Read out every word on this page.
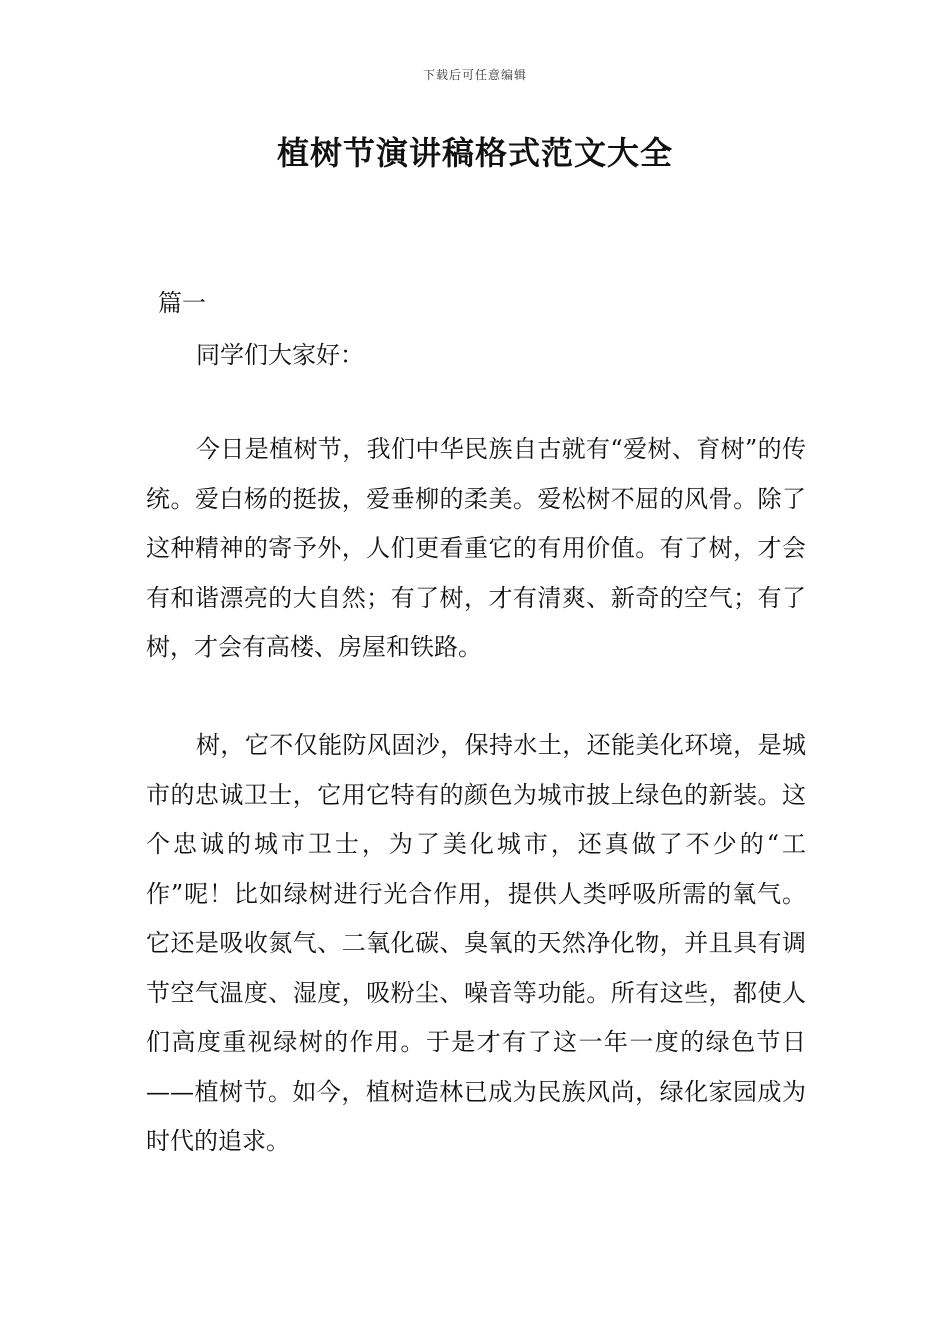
下载后可任意编辑
植树节演讲稿格式范文大全
篇一
同学们大家好：

今日是植树节，我们中华民族自古就有“爱树、育树”的传统。爱白杨的挺拔，爱垂柳的柔美。爱松树不屈的风骨。除了这种精神的寄予外，人们更看重它的有用价值。有了树，才会有和谐漂亮的大自然；有了树，才有清爽、新奇的空气；有了树，才会有高楼、房屋和铁路。

树，它不仅能防风固沙，保持水土，还能美化环境，是城市的忠诚卫士，它用它特有的颜色为城市披上绿色的新装。这个忠诚的城市卫士，为了美化城市，还真做了不少的“工作”呢！比如绿树进行光合作用，提供人类呼吸所需的氧气。它还是吸收氮气、二氧化碳、臭氧的天然净化物，并且具有调节空气温度、湿度，吸粉尘、噪音等功能。所有这些，都使人们高度重视绿树的作用。于是才有了这一年一度的绿色节日——植树节。如今，植树造林已成为民族风尚，绿化家园成为时代的追求。
